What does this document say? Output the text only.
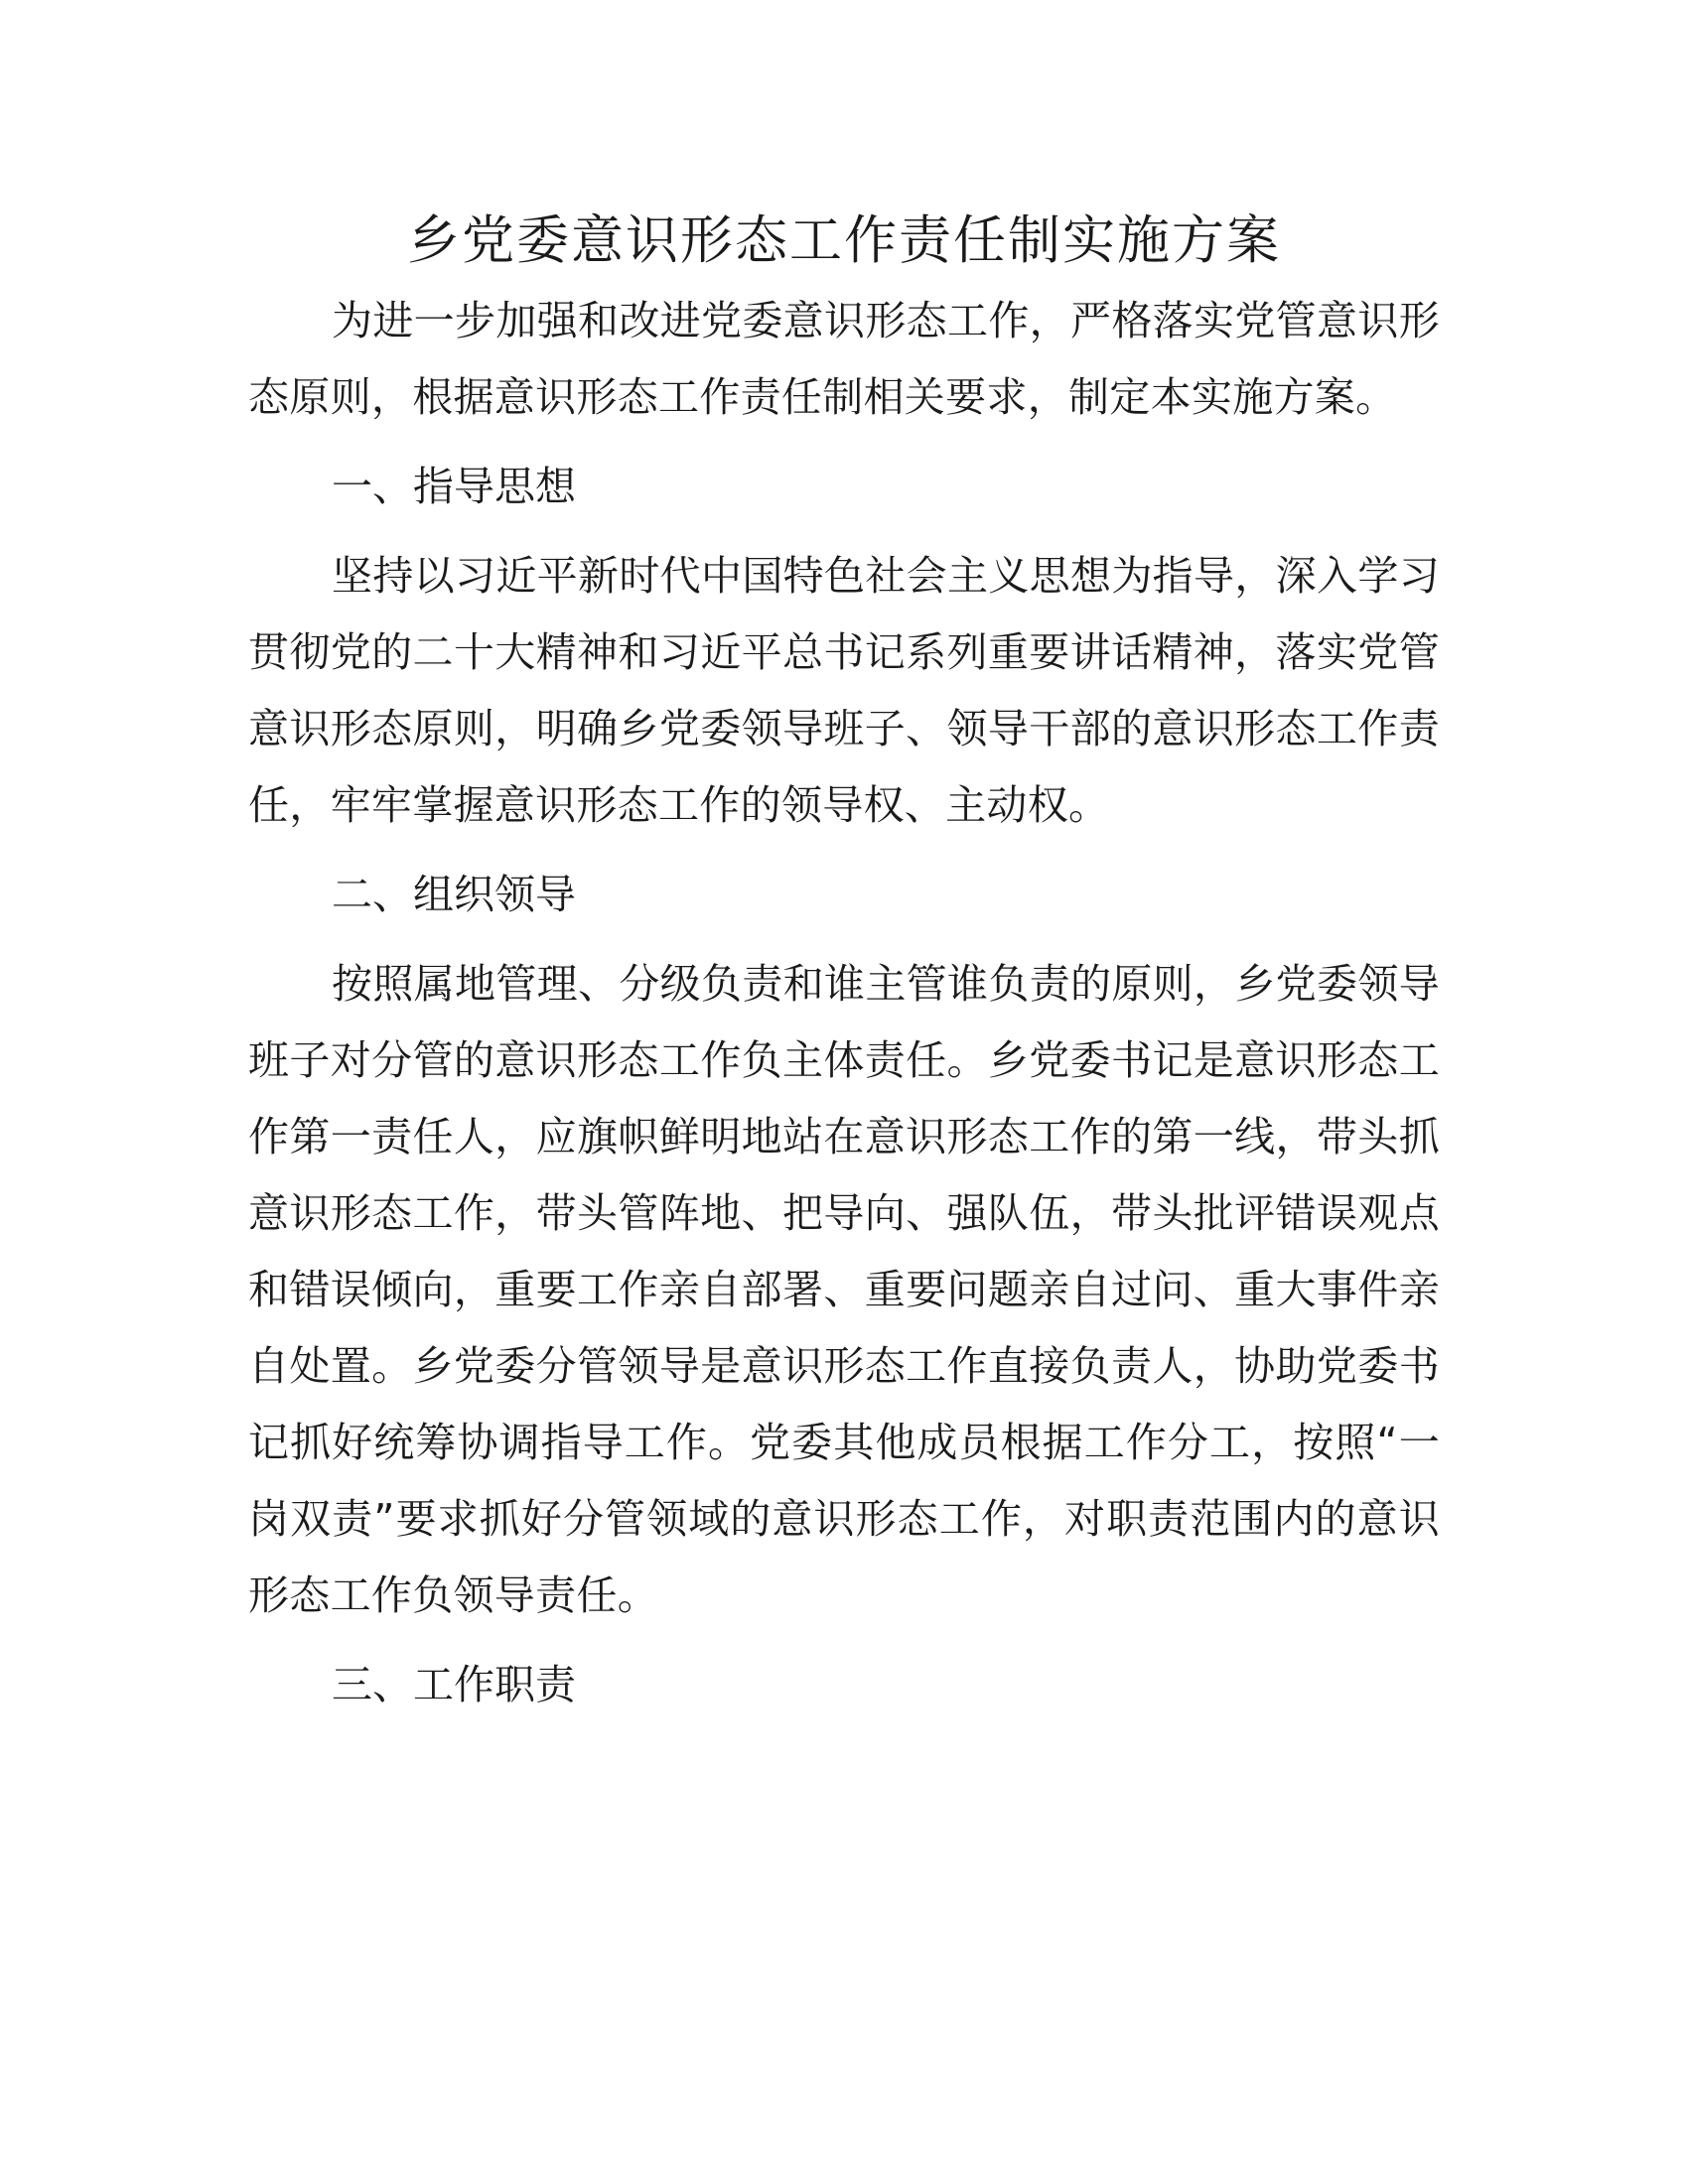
乡党委意识形态工作责任制实施方案

为进一步加强和改进党委意识形态工作，严格落实党管意识形态原则，根据意识形态工作责任制相关要求，制定本实施方案。

一、指导思想

坚持以习近平新时代中国特色社会主义思想为指导，深入学习贯彻党的二十大精神和习近平总书记系列重要讲话精神，落实党管意识形态原则，明确乡党委领导班子、领导干部的意识形态工作责任，牢牢掌握意识形态工作的领导权、主动权。

二、组织领导

按照属地管理、分级负责和谁主管谁负责的原则，乡党委领导班子对分管的意识形态工作负主体责任。乡党委书记是意识形态工作第一责任人，应旗帜鲜明地站在意识形态工作的第一线，带头抓意识形态工作，带头管阵地、把导向、强队伍，带头批评错误观点和错误倾向，重要工作亲自部署、重要问题亲自过问、重大事件亲自处置。乡党委分管领导是意识形态工作直接负责人，协助党委书记抓好统筹协调指导工作。党委其他成员根据工作分工，按照“一岗双责”要求抓好分管领域的意识形态工作，对职责范围内的意识形态工作负领导责任。

三、工作职责
